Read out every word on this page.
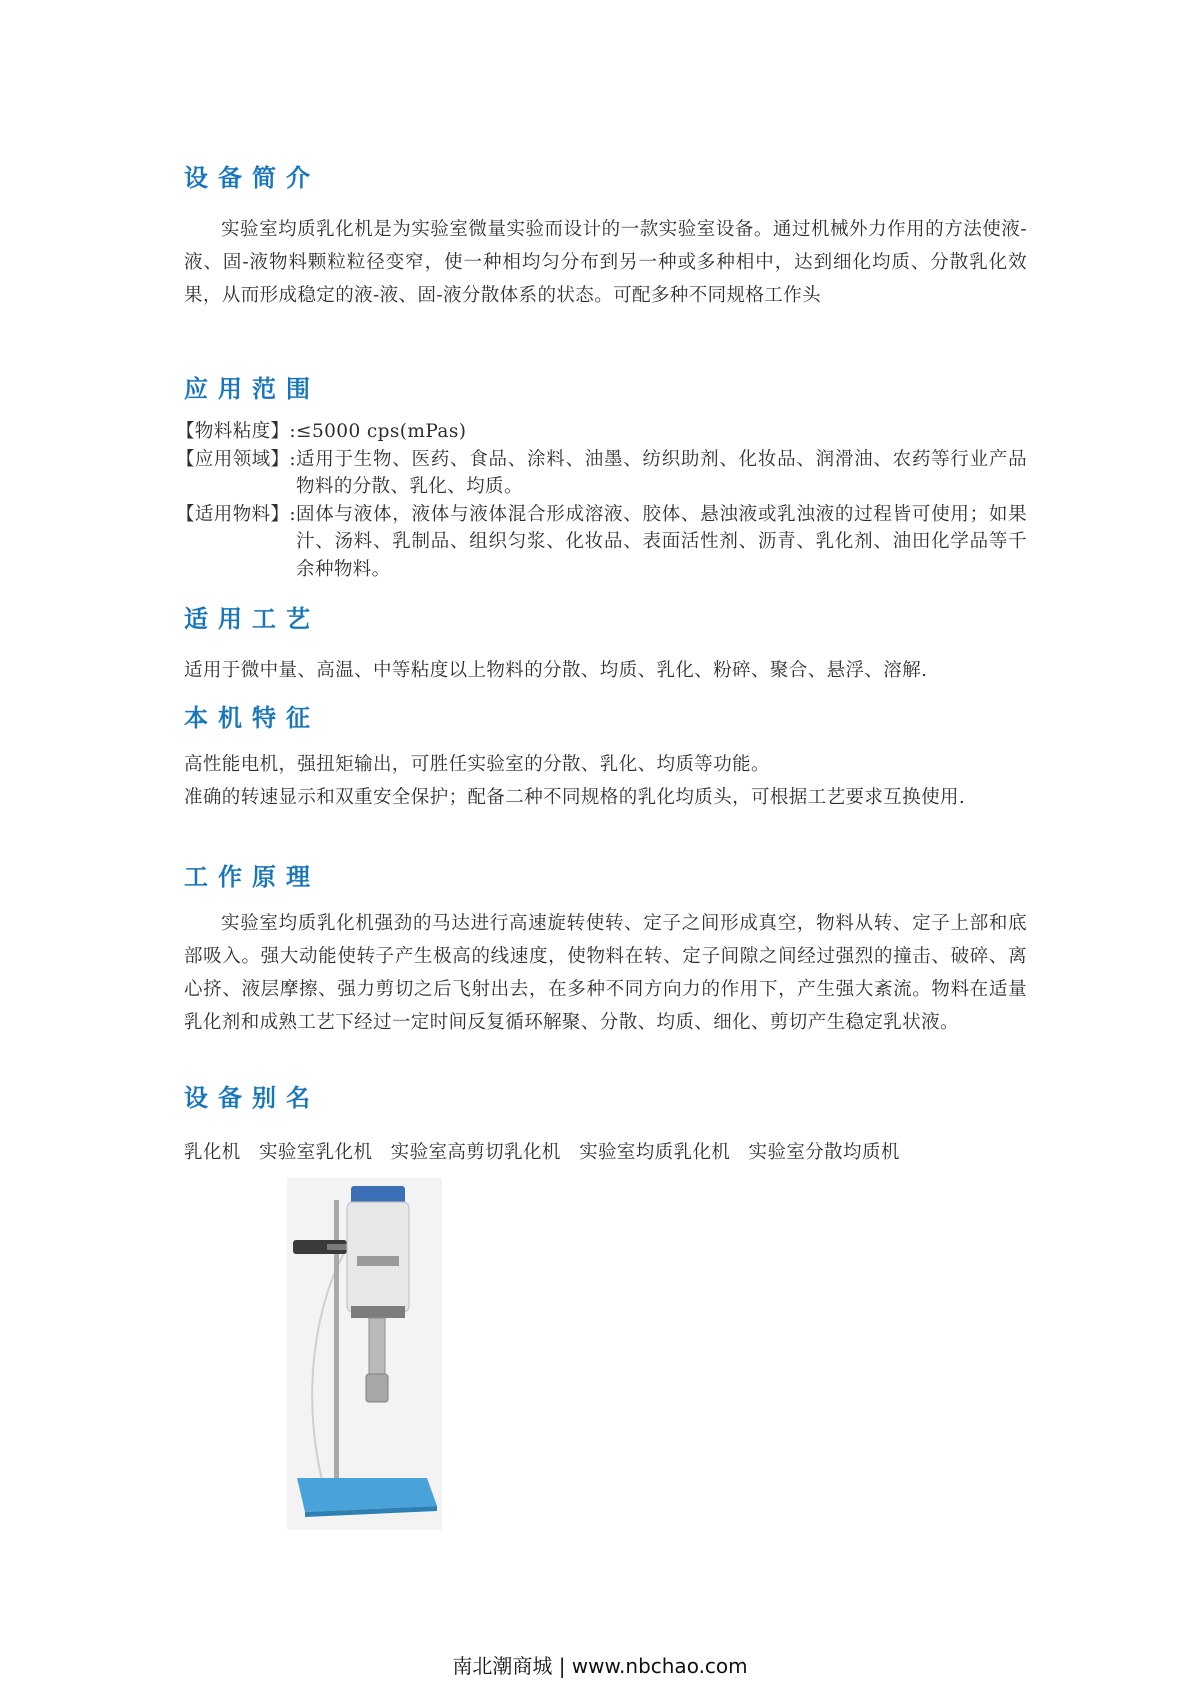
设备简介

实验室均质乳化机是为实验室微量实验而设计的一款实验室设备。通过机械外力作用的方法使液-液、固-液物料颗粒粒径变窄，使一种相均匀分布到另一种或多种相中，达到细化均质、分散乳化效果，从而形成稳定的液-液、固-液分散体系的状态。可配多种不同规格工作头

应用范围
【物料粘度】: ≤5000 cps(mPas)
【应用领域】: 适用于生物、医药、食品、涂料、油墨、纺织助剂、化妆品、润滑油、农药等行业产品物料的分散、乳化、均质。
【适用物料】: 固体与液体，液体与液体混合形成溶液、胶体、悬浊液或乳浊液的过程皆可使用；如果汁、汤料、乳制品、组织匀浆、化妆品、表面活性剂、沥青、乳化剂、油田化学品等千余种物料。
适用工艺

适用于微中量、高温、中等粘度以上物料的分散、均质、乳化、粉碎、聚合、悬浮、溶解.

本机特征

高性能电机，强扭矩输出，可胜任实验室的分散、乳化、均质等功能。

准确的转速显示和双重安全保护；配备二种不同规格的乳化均质头，可根据工艺要求互换使用.

工作原理

实验室均质乳化机强劲的马达进行高速旋转使转、定子之间形成真空，物料从转、定子上部和底部吸入。强大动能使转子产生极高的线速度，使物料在转、定子间隙之间经过强烈的撞击、破碎、离心挤、液层摩擦、强力剪切之后飞射出去，在多种不同方向力的作用下，产生强大紊流。物料在适量乳化剂和成熟工艺下经过一定时间反复循环解聚、分散、均质、细化、剪切产生稳定乳状液。

设备别名
乳化机 实验室乳化机 实验室高剪切乳化机 实验室均质乳化机 实验室分散均质机
南北潮商城 | www.nbchao.com
